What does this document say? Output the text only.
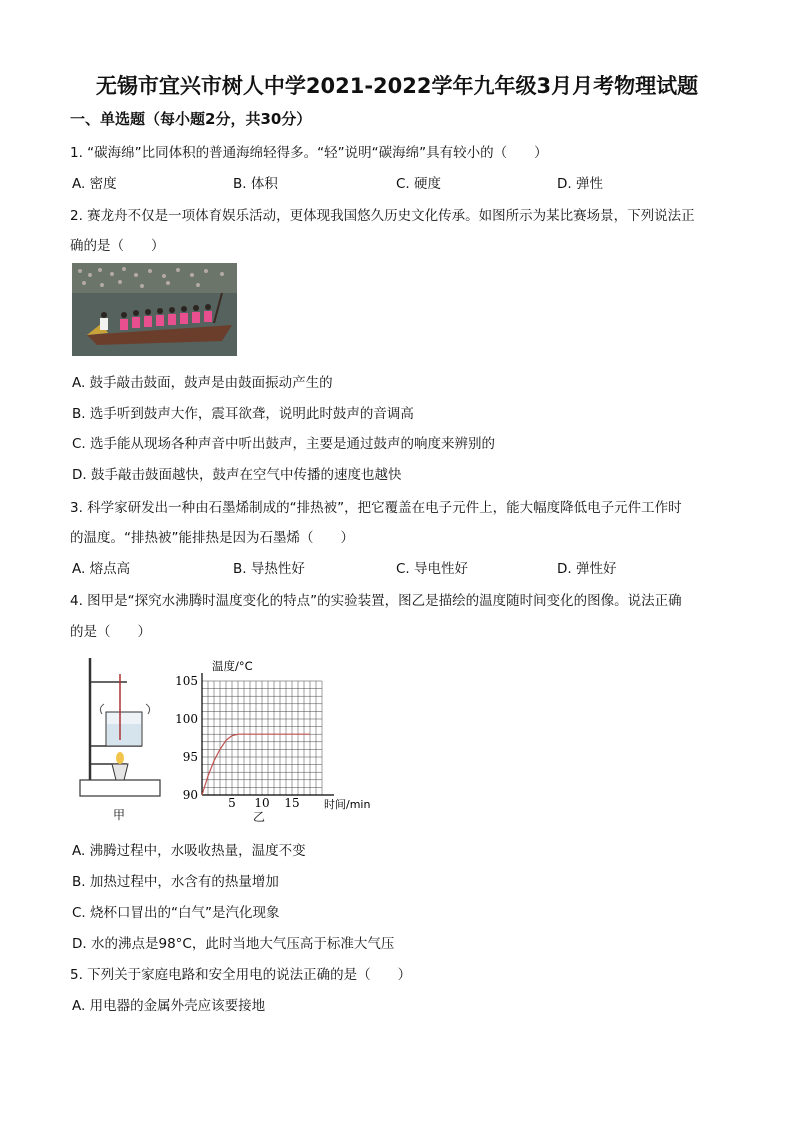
无锡市宜兴市树人中学2021-2022学年九年级3月月考物理试题
一、单选题（每小题2分，共30分）
1. “碳海绵”比同体积的普通海绵轻得多。“轻”说明“碳海绵”具有较小的（　　）
A. 密度	B. 体积	C. 硬度	D. 弹性
2. 赛龙舟不仅是一项体育娱乐活动，更体现我国悠久历史文化传承。如图所示为某比赛场景，下列说法正
确的是（　　）
A. 鼓手敲击鼓面，鼓声是由鼓面振动产生的
B. 选手听到鼓声大作，震耳欲聋，说明此时鼓声的音调高
C. 选手能从现场各种声音中听出鼓声，主要是通过鼓声的响度来辨别的
D. 鼓手敲击鼓面越快，鼓声在空气中传播的速度也越快
3. 科学家研发出一种由石墨烯制成的“排热被”，把它覆盖在电子元件上，能大幅度降低电子元件工作时
的温度。“排热被”能排热是因为石墨烯（　　）
A. 熔点高	B. 导热性好	C. 导电性好	D. 弹性好
4. 图甲是“探究水沸腾时温度变化的特点”的实验装置，图乙是描绘的温度随时间变化的图像。说法正确
的是（　　）
甲
90
95
100
105
5 10 15
温度/°C
时间/min
乙
A. 沸腾过程中，水吸收热量，温度不变
B. 加热过程中，水含有的热量增加
C. 烧杯口冒出的“白气”是汽化现象
D. 水的沸点是98°C，此时当地大气压高于标准大气压
5. 下列关于家庭电路和安全用电的说法正确的是（　　）
A. 用电器的金属外壳应该要接地
